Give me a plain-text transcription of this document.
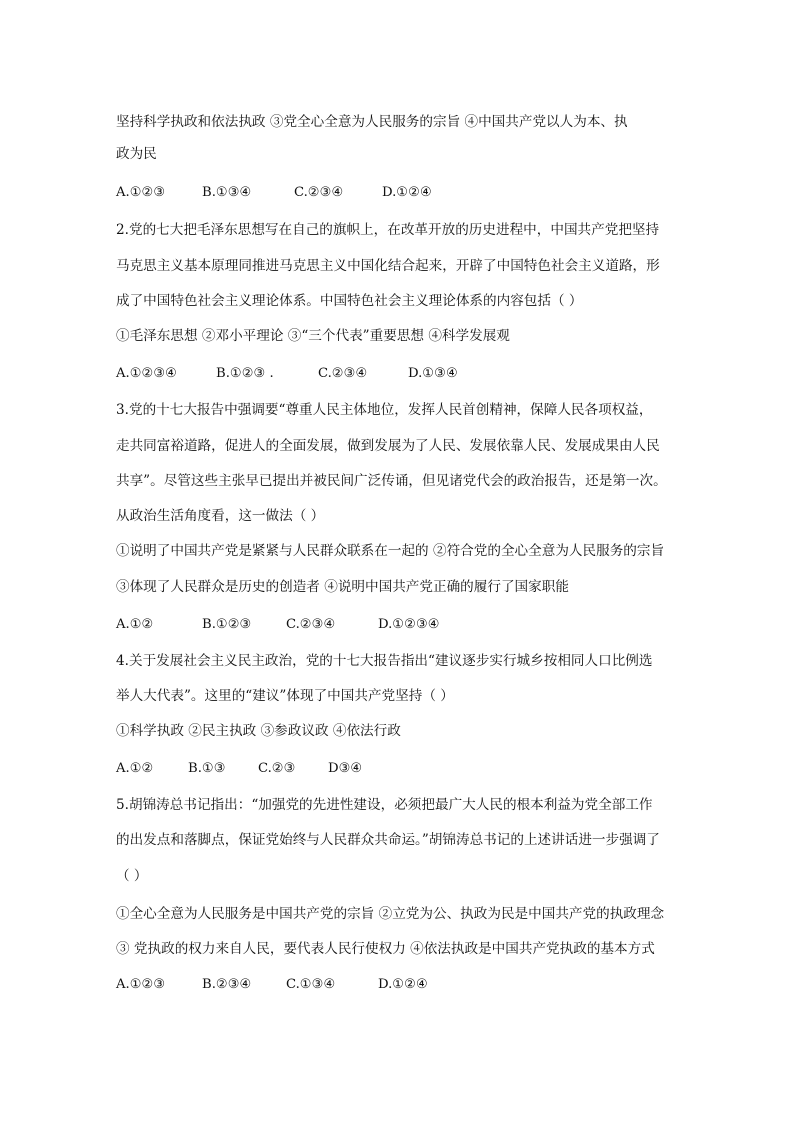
坚持科学执政和依法执政 ③党全心全意为人民服务的宗旨 ④中国共产党以人为本、执
政为民
A.①②③	B.①③④	C.②③④	D.①②④
2.党的七大把毛泽东思想写在自己的旗帜上，在改革开放的历史进程中，中国共产党把坚持
马克思主义基本原理同推进马克思主义中国化结合起来，开辟了中国特色社会主义道路，形
成了中国特色社会主义理论体系。中国特色社会主义理论体系的内容包括（ ）
①毛泽东思想 ②邓小平理论 ③“三个代表”重要思想 ④科学发展观
A.①②③④	B.①②③ .	C.②③④	D.①③④
3.党的十七大报告中强调要“尊重人民主体地位，发挥人民首创精神，保障人民各项权益，
走共同富裕道路，促进人的全面发展，做到发展为了人民、发展依靠人民、发展成果由人民
共享”。尽管这些主张早已提出并被民间广泛传诵，但见诸党代会的政治报告，还是第一次。
从政治生活角度看，这一做法（ ）
①说明了中国共产党是紧紧与人民群众联系在一起的 ②符合党的全心全意为人民服务的宗旨
③体现了人民群众是历史的创造者 ④说明中国共产党正确的履行了国家职能
A.①②	B.①②③	C.②③④	D.①②③④
4.关于发展社会主义民主政治，党的十七大报告指出“建议逐步实行城乡按相同人口比例选
举人大代表”。这里的“建议”体现了中国共产党坚持（ ）
①科学执政 ②民主执政 ③参政议政 ④依法行政
A.①②	B.①③ C.②③ D③④
5.胡锦涛总书记指出：“加强党的先进性建设，必须把最广大人民的根本利益为党全部工作
的出发点和落脚点，保证党始终与人民群众共命运。”胡锦涛总书记的上述讲话进一步强调了
（ ）
①全心全意为人民服务是中国共产党的宗旨 ②立党为公、执政为民是中国共产党的执政理念
③ 党执政的权力来自人民，要代表人民行使权力 ④依法执政是中国共产党执政的基本方式
A.①②③	B.②③④	C.①③④	D.①②④
